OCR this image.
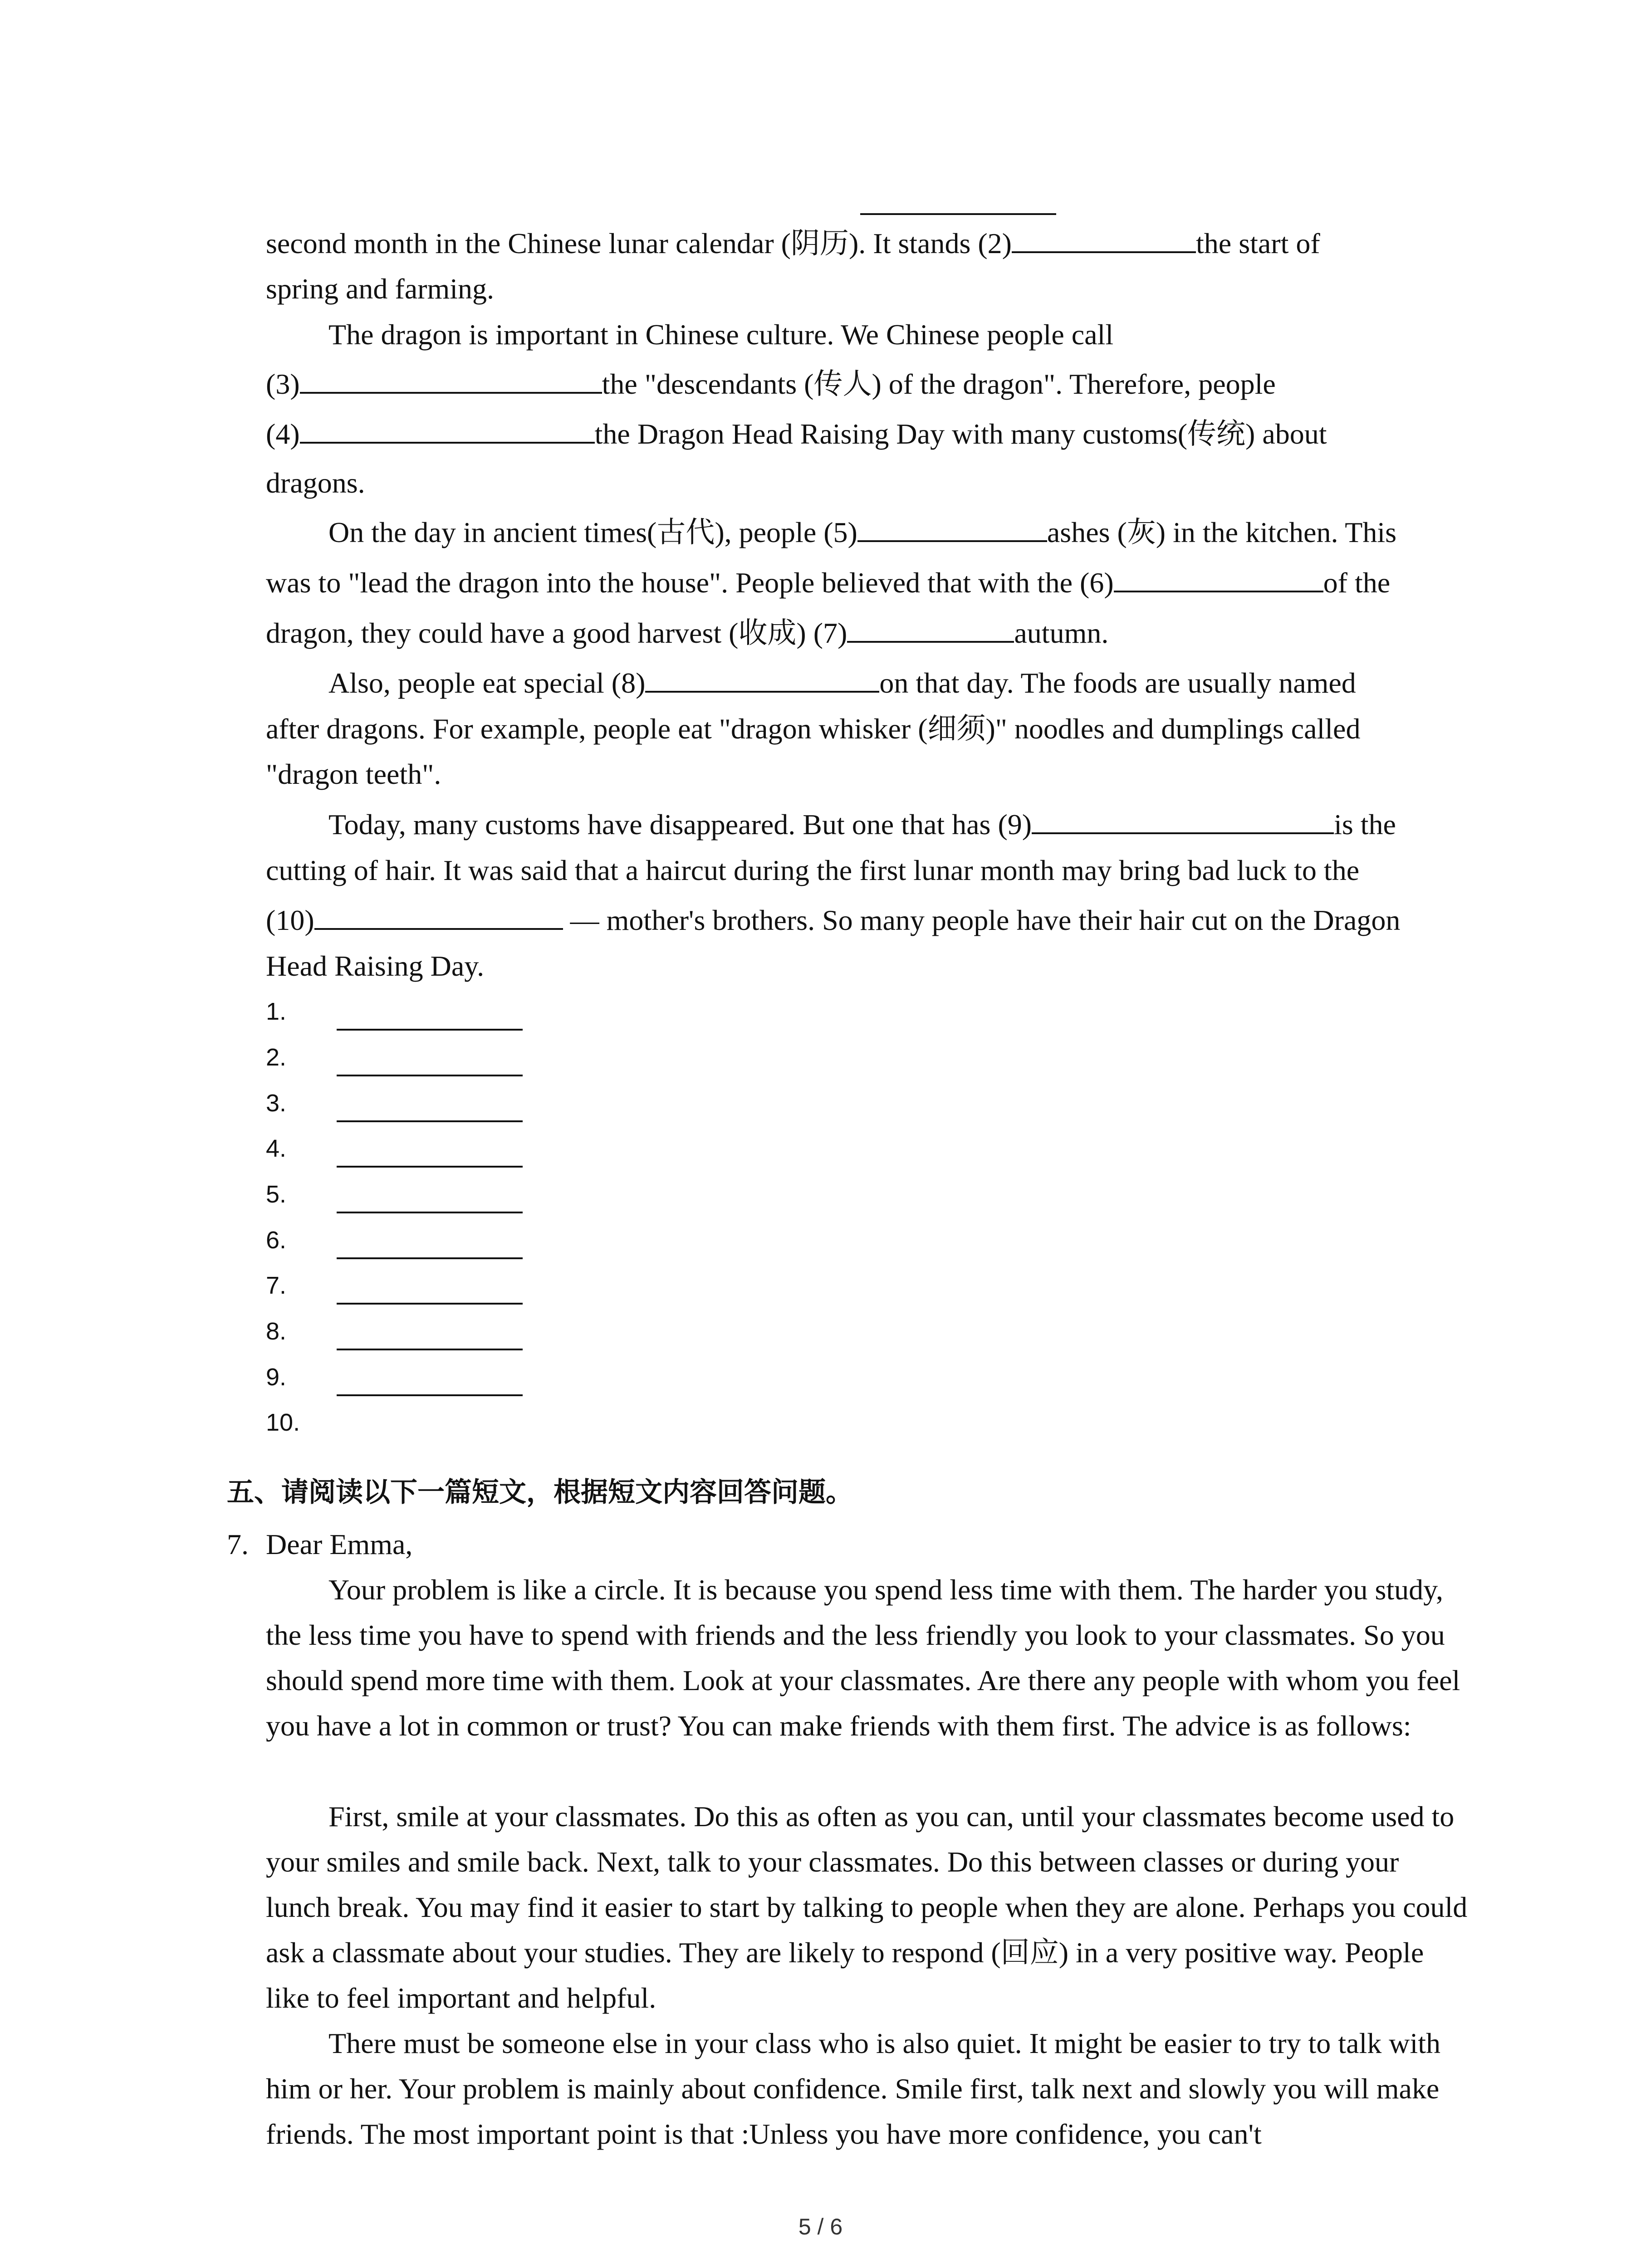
second month in the Chinese lunar calendar (阴历). It stands (2)	the start of

spring and farming.

The dragon is important in Chinese culture. We Chinese people call

(3)	the "descendants (传人) of the dragon". Therefore, people

(4)	the Dragon Head Raising Day with many customs(传统) about

dragons.

On the day in ancient times(古代), people (5)	ashes (灰) in the kitchen. This

was to "lead the dragon into the house". People believed that with the (6)	of the

dragon, they could have a good harvest (收成) (7)	autumn.

Also, people eat special (8)	on that day. The foods are usually named

after dragons. For example, people eat "dragon whisker (细须)" noodles and dumplings called

"dragon teeth".

Today, many customs have disappeared. But one that has (9)	is the

cutting of hair. It was said that a haircut during the first lunar month may bring bad luck to the

(10)	— mother's brothers. So many people have their hair cut on the Dragon

Head Raising Day.

1.
2.
3.
4.
5.
6.
7.
8.
9.
10.
五、请阅读以下一篇短文，根据短文内容回答问题。
7. Dear Emma,

Your problem is like a circle. It is because you spend less time with them. The harder you study, the less time you have to spend with friends and the less friendly you look to your classmates. So you should spend more time with them. Look at your classmates. Are there any people with whom you feel you have a lot in common or trust? You can make friends with them first. The advice is as follows:

First, smile at your classmates. Do this as often as you can, until your classmates become used to your smiles and smile back. Next, talk to your classmates. Do this between classes or during your lunch break. You may find it easier to start by talking to people when they are alone. Perhaps you could ask a classmate about your studies. They are likely to respond (回应) in a very positive way. People like to feel important and helpful.

There must be someone else in your class who is also quiet. It might be easier to try to talk with him or her. Your problem is mainly about confidence. Smile first, talk next and slowly you will make friends. The most important point is that :Unless you have more confidence, you can't

5 / 6
